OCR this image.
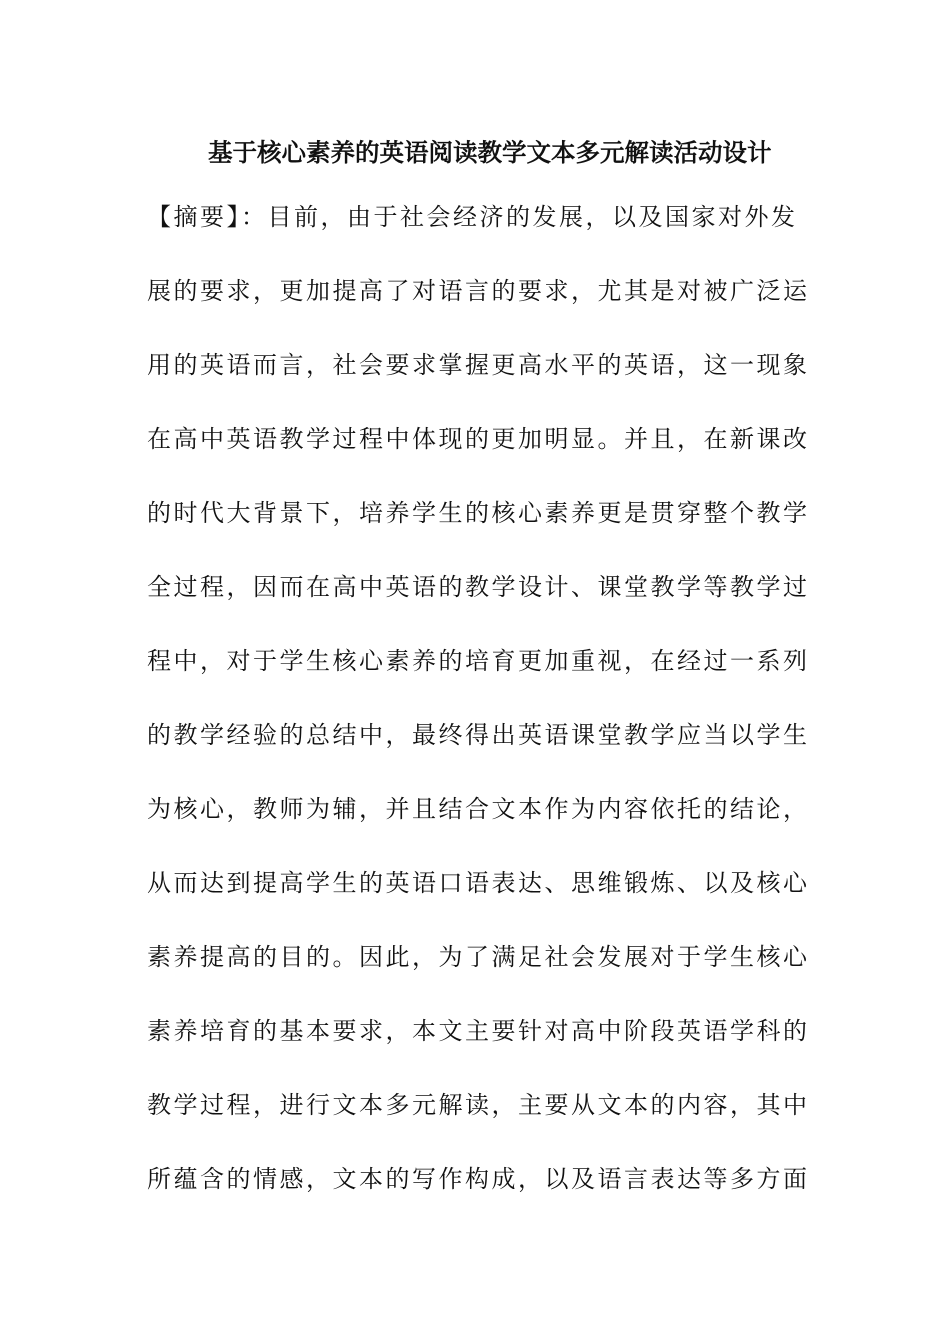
基于核心素养的英语阅读教学文本多元解读活动设计
【摘要】：目前，由于社会经济的发展，以及国家对外发
展的要求，更加提高了对语言的要求，尤其是对被广泛运
用的英语而言，社会要求掌握更高水平的英语，这一现象
在高中英语教学过程中体现的更加明显。并且，在新课改
的时代大背景下，培养学生的核心素养更是贯穿整个教学
全过程，因而在高中英语的教学设计、课堂教学等教学过
程中，对于学生核心素养的培育更加重视，在经过一系列
的教学经验的总结中，最终得出英语课堂教学应当以学生
为核心，教师为辅，并且结合文本作为内容依托的结论，
从而达到提高学生的英语口语表达、思维锻炼、以及核心
素养提高的目的。因此，为了满足社会发展对于学生核心
素养培育的基本要求，本文主要针对高中阶段英语学科的
教学过程，进行文本多元解读，主要从文本的内容，其中
所蕴含的情感，文本的写作构成，以及语言表达等多方面
